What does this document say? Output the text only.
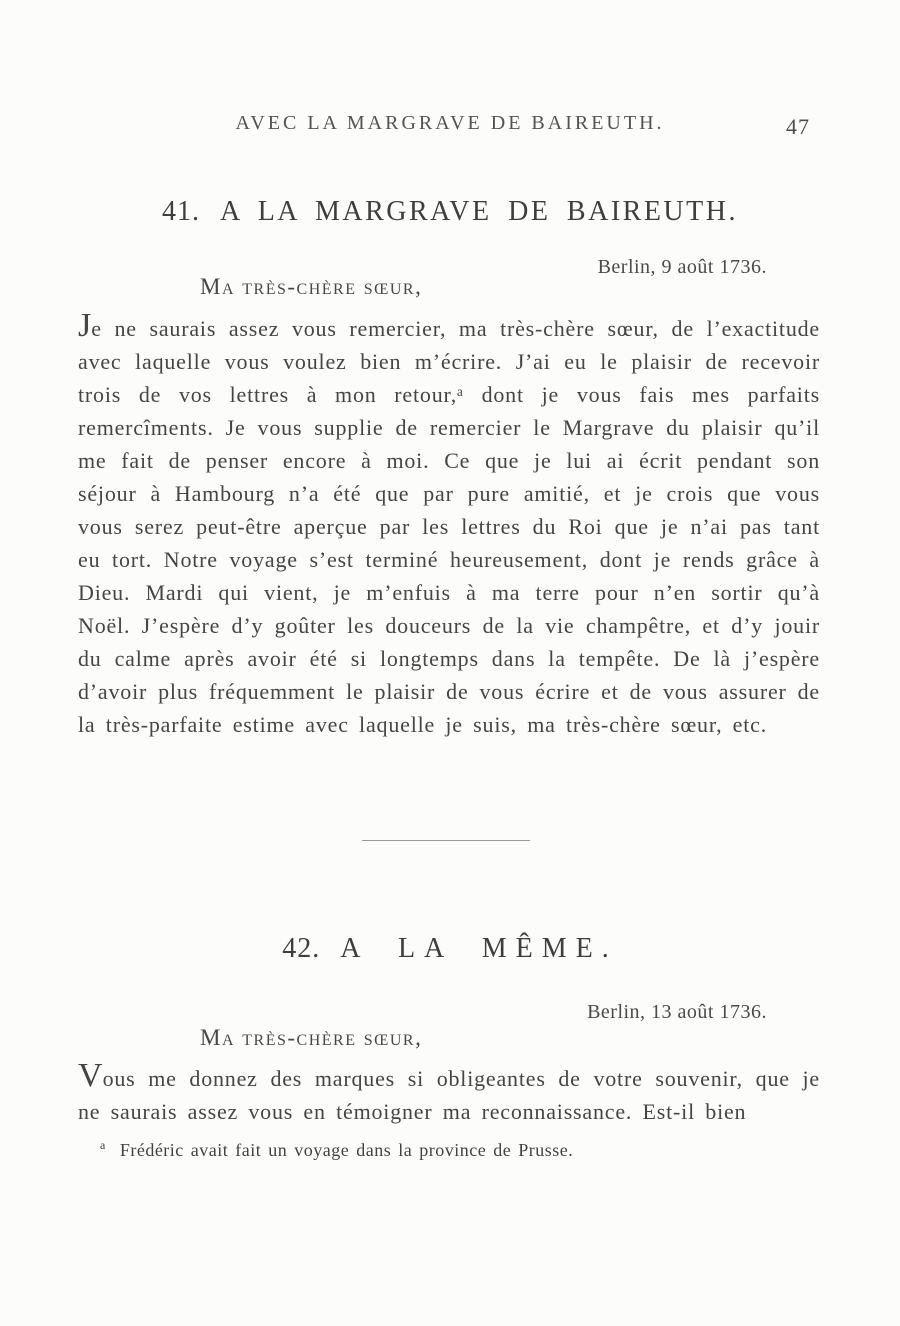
AVEC LA MARGRAVE DE BAIREUTH.	47
41. A LA MARGRAVE DE BAIREUTH.
Berlin, 9 août 1736.
Ma très-chère sœur,
Je ne saurais assez vous remercier, ma très-chère sœur, de l’exactitude avec laquelle vous voulez bien m’écrire. J’ai eu le plaisir de recevoir trois de vos lettres à mon retour,ᵃ dont je vous fais mes parfaits remercîments. Je vous supplie de remercier le Margrave du plaisir qu’il me fait de penser encore à moi. Ce que je lui ai écrit pendant son séjour à Hambourg n’a été que par pure amitié, et je crois que vous vous serez peut-être aperçue par les lettres du Roi que je n’ai pas tant eu tort. Notre voyage s’est terminé heureusement, dont je rends grâce à Dieu. Mardi qui vient, je m’enfuis à ma terre pour n’en sortir qu’à Noël. J’espère d’y goûter les douceurs de la vie champêtre, et d’y jouir du calme après avoir été si longtemps dans la tempête. De là j’espère d’avoir plus fréquemment le plaisir de vous écrire et de vous assurer de la très-parfaite estime avec laquelle je suis, ma très-chère sœur, etc.
42. A LA MÊME.
Berlin, 13 août 1736.
Ma très-chère sœur,
Vous me donnez des marques si obligeantes de votre souvenir, que je ne saurais assez vous en témoigner ma reconnaissance. Est-il bien
$^a$ Frédéric avait fait un voyage dans la province de Prusse.
